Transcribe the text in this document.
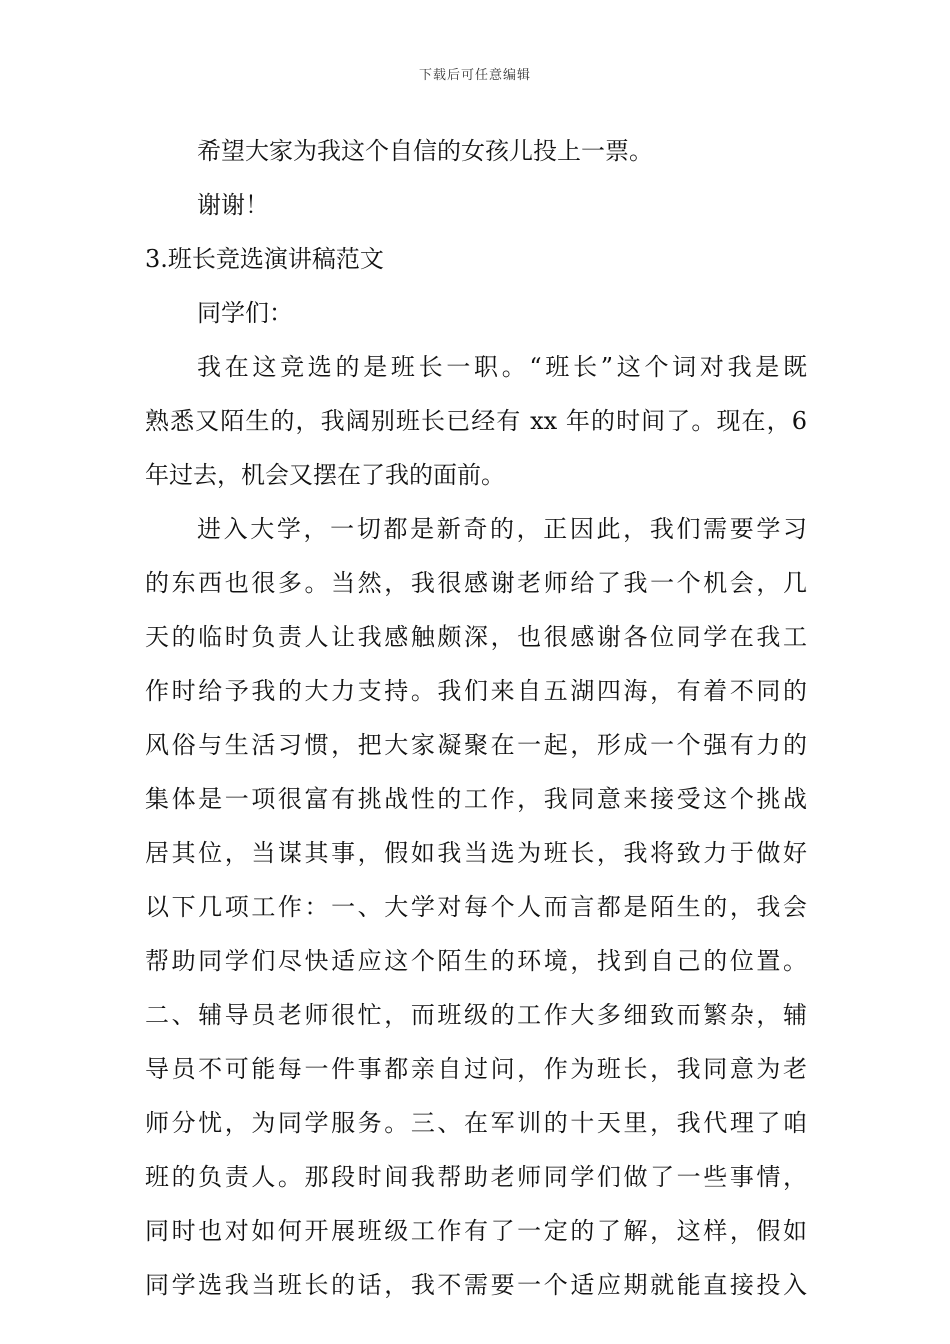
下载后可任意编辑
希望大家为我这个自信的女孩儿投上一票。
谢谢！
3.班长竞选演讲稿范文
同学们：
我在这竞选的是班长一职。“班长”这个词对我是既
熟悉又陌生的，我阔别班长已经有 xx 年的时间了。现在，6
年过去，机会又摆在了我的面前。
进入大学，一切都是新奇的，正因此，我们需要学习
的东西也很多。当然，我很感谢老师给了我一个机会，几
天的临时负责人让我感触颇深，也很感谢各位同学在我工
作时给予我的大力支持。我们来自五湖四海，有着不同的
风俗与生活习惯，把大家凝聚在一起，形成一个强有力的
集体是一项很富有挑战性的工作，我同意来接受这个挑战
居其位，当谋其事，假如我当选为班长，我将致力于做好
以下几项工作：一、大学对每个人而言都是陌生的，我会
帮助同学们尽快适应这个陌生的环境，找到自己的位置。
二、辅导员老师很忙，而班级的工作大多细致而繁杂，辅
导员不可能每一件事都亲自过问，作为班长，我同意为老
师分忧，为同学服务。三、在军训的十天里，我代理了咱
班的负责人。那段时间我帮助老师同学们做了一些事情，
同时也对如何开展班级工作有了一定的了解，这样，假如
同学选我当班长的话，我不需要一个适应期就能直接投入
